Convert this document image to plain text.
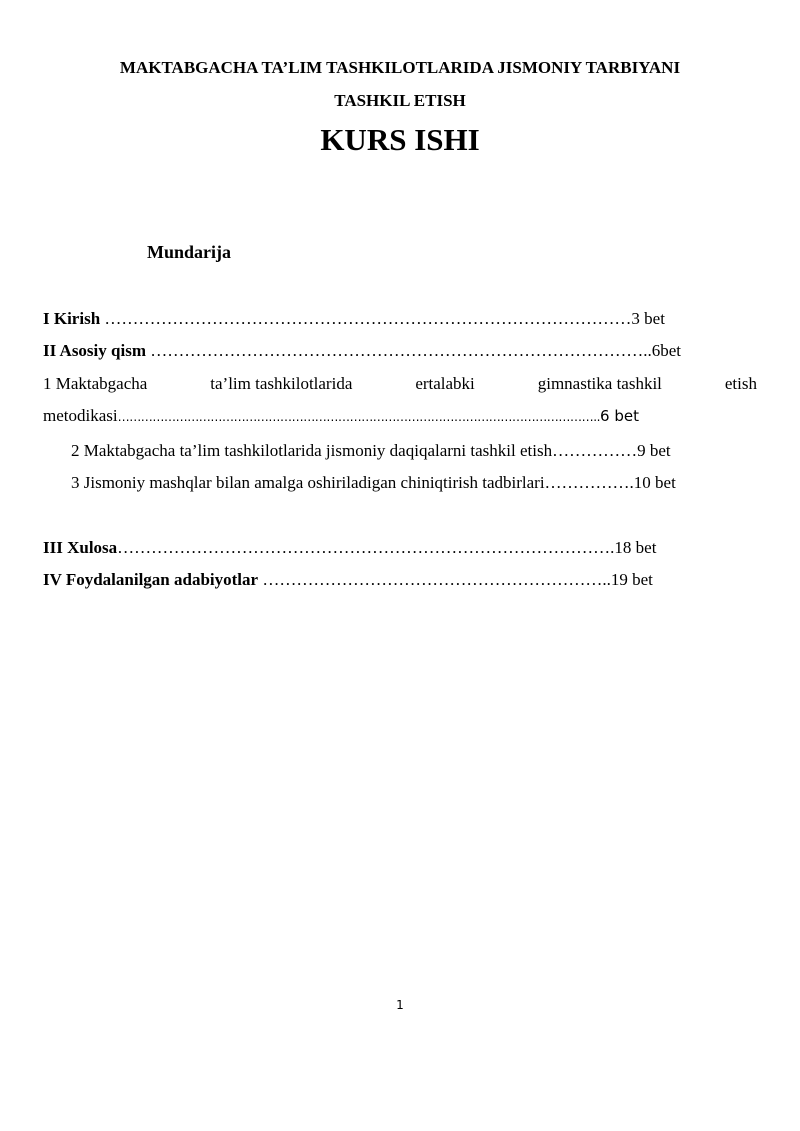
MAKTABGACHA TA’LIM TASHKILOTLARIDA JISMONIY TARBIYANI
TASHKIL ETISH
KURS ISHI
Mundarija
I Kirish …………………………………………………………………………………3 bet
II Asosiy qism ……………………………………………………………………………..6bet
1 Maktabgacha	ta’lim tashkilotlarida	ertalabki	gimnastika tashkil	etish
metodikasi……………………………………………………………………………………………………………..6 bet
2 Maktabgacha ta’lim tashkilotlarida jismoniy daqiqalarni tashkil etish……………9 bet
3 Jismoniy mashqlar bilan amalga oshiriladigan chiniqtirish tadbirlari…………….10 bet
III Xulosa…………………………………………………………………………….18 bet
IV Foydalanilgan adabiyotlar ……………………………………………………..19 bet
1
